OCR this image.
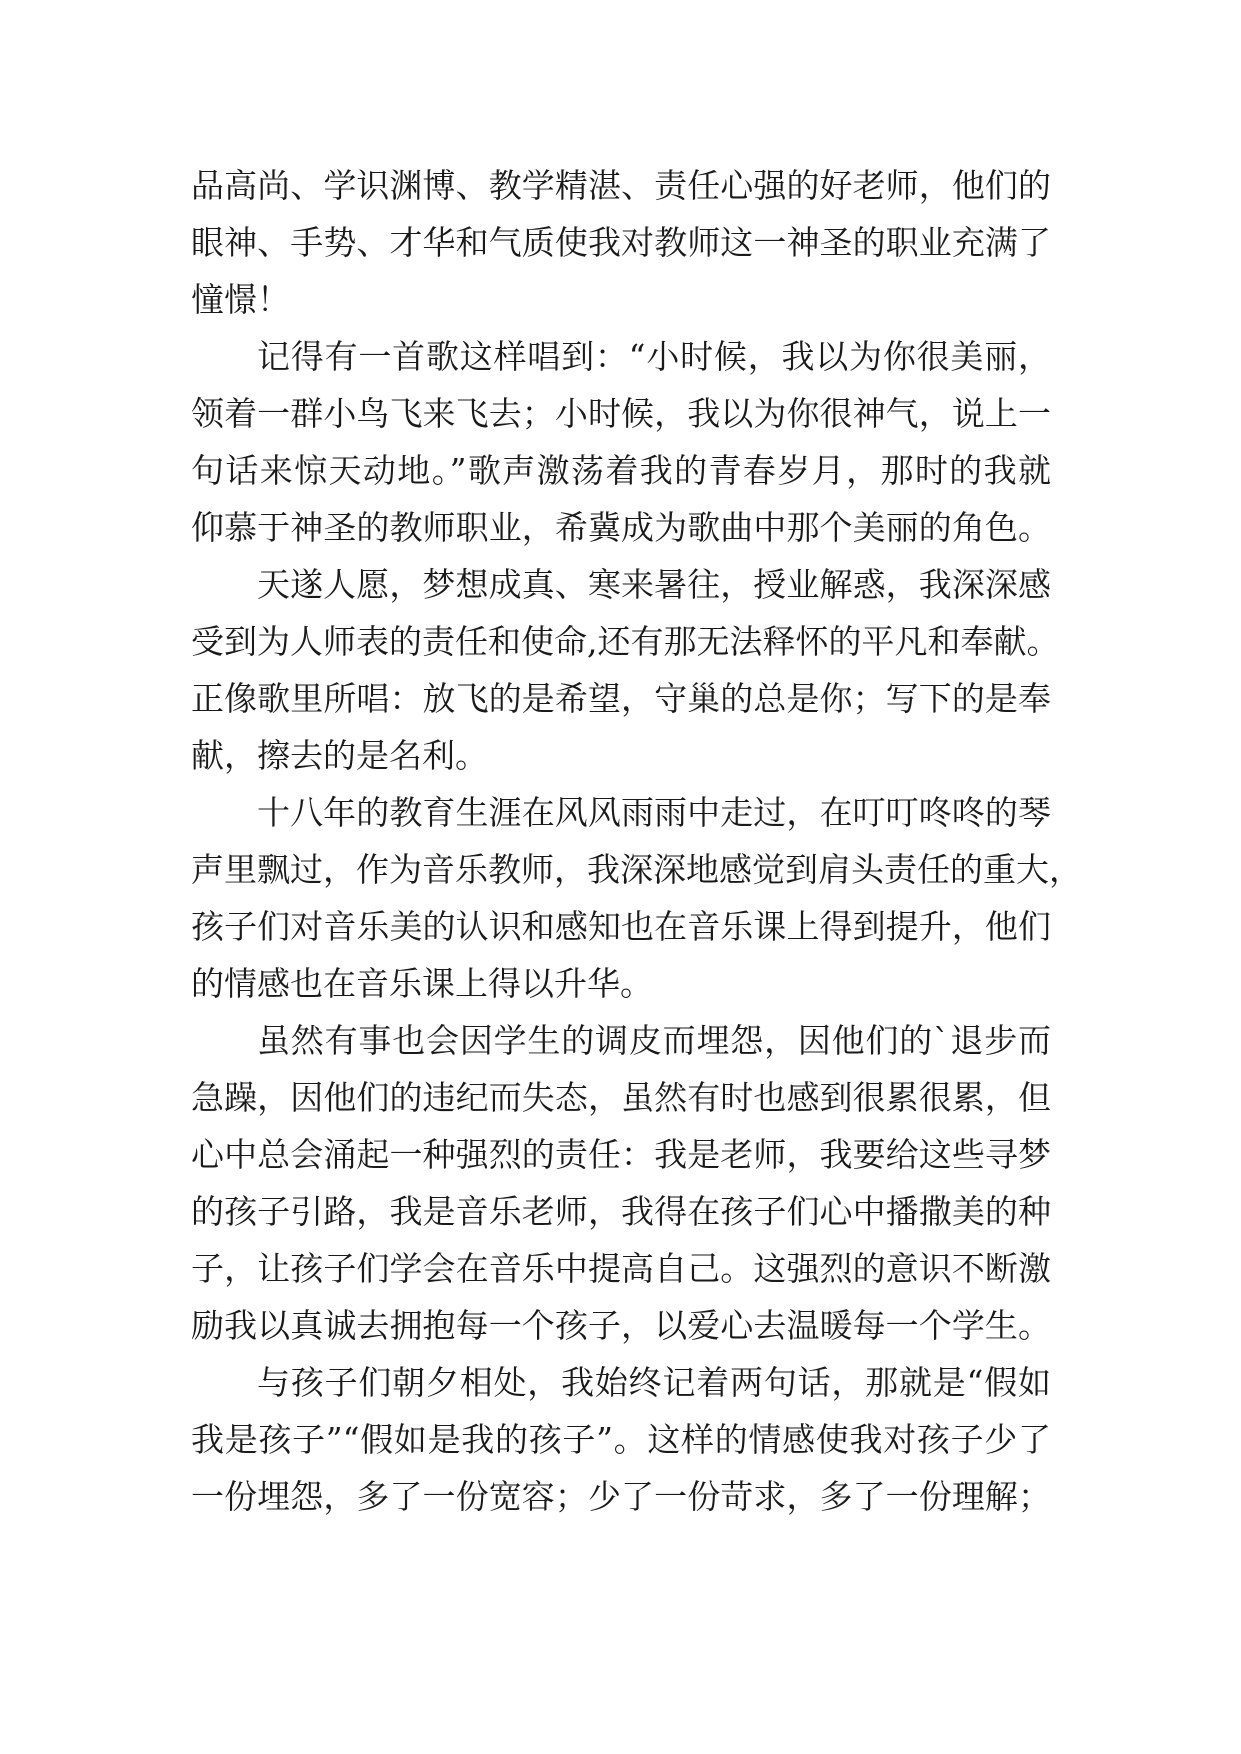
品高尚、学识渊博、教学精湛、责任心强的好老师，他们的
眼神、手势、才华和气质使我对教师这一神圣的职业充满了
憧憬！
记得有一首歌这样唱到：“小时候，我以为你很美丽，
领着一群小鸟飞来飞去；小时候，我以为你很神气，说上一
句话来惊天动地。”歌声激荡着我的青春岁月，那时的我就
仰慕于神圣的教师职业，希冀成为歌曲中那个美丽的角色。
天遂人愿，梦想成真、寒来暑往，授业解惑，我深深感
受到为人师表的责任和使命,还有那无法释怀的平凡和奉献。
正像歌里所唱：放飞的是希望，守巢的总是你；写下的是奉
献，擦去的是名利。
十八年的教育生涯在风风雨雨中走过，在叮叮咚咚的琴
声里飘过，作为音乐教师，我深深地感觉到肩头责任的重大，
孩子们对音乐美的认识和感知也在音乐课上得到提升，他们
的情感也在音乐课上得以升华。
虽然有事也会因学生的调皮而埋怨，因他们的`退步而
急躁，因他们的违纪而失态，虽然有时也感到很累很累，但
心中总会涌起一种强烈的责任：我是老师，我要给这些寻梦
的孩子引路，我是音乐老师，我得在孩子们心中播撒美的种
子，让孩子们学会在音乐中提高自己。这强烈的意识不断激
励我以真诚去拥抱每一个孩子，以爱心去温暖每一个学生。
与孩子们朝夕相处，我始终记着两句话，那就是“假如
我是孩子”“假如是我的孩子”。这样的情感使我对孩子少了
一份埋怨，多了一份宽容；少了一份苛求，多了一份理解；
